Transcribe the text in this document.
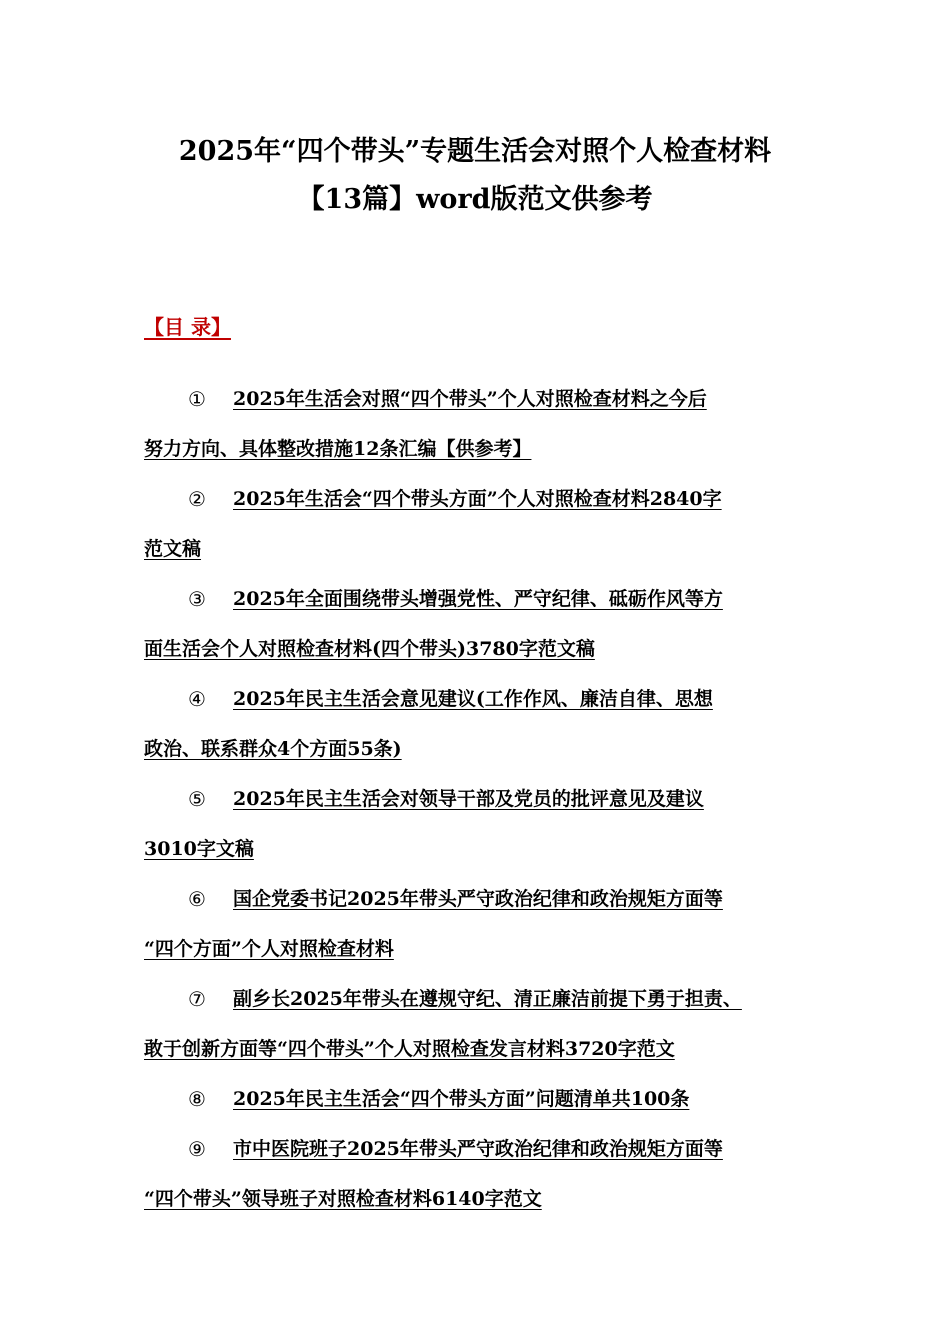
2025年“四个带头”专题生活会对照个人检查材料
【13篇】word版范文供参考
【目 录】
① 2025年生活会对照“四个带头”个人对照检查材料之今后
努力方向、具体整改措施12条汇编【供参考】
② 2025年生活会“四个带头方面”个人对照检查材料2840字
范文稿
③ 2025年全面围绕带头增强党性、严守纪律、砥砺作风等方
面生活会个人对照检查材料(四个带头)3780字范文稿
④ 2025年民主生活会意见建议(工作作风、廉洁自律、思想
政治、联系群众4个方面55条)
⑤ 2025年民主生活会对领导干部及党员的批评意见及建议
3010字文稿
⑥ 国企党委书记2025年带头严守政治纪律和政治规矩方面等
“四个方面”个人对照检查材料
⑦ 副乡长2025年带头在遵规守纪、清正廉洁前提下勇于担责、
敢于创新方面等“四个带头”个人对照检查发言材料3720字范文
⑧ 2025年民主生活会“四个带头方面”问题清单共100条
⑨ 市中医院班子2025年带头严守政治纪律和政治规矩方面等
“四个带头”领导班子对照检查材料6140字范文
